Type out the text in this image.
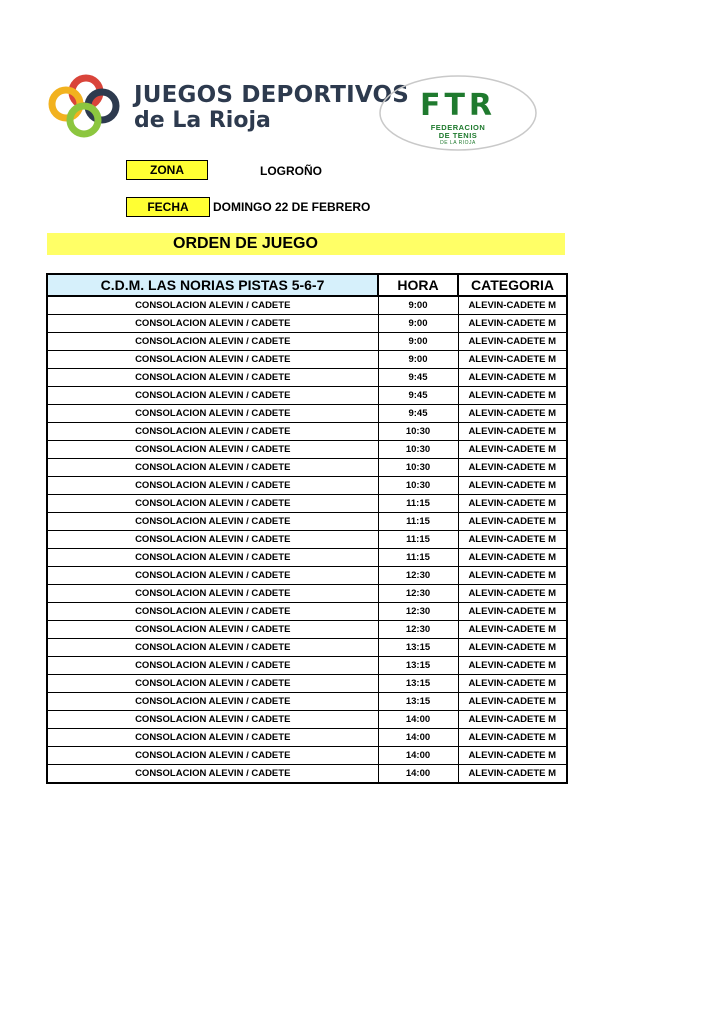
JUEGOS DEPORTIVOS
de La Rioja	FTR
FEDERACION
DE TENIS
DE LA RIOJA
ZONA	LOGROÑO
FECHA	DOMINGO 22 DE FEBRERO
ORDEN DE JUEGO
C.D.M. LAS NORIAS PISTAS 5-6-7	HORA	CATEGORIA
CONSOLACION ALEVIN / CADETE	9:00	ALEVIN-CADETE M
CONSOLACION ALEVIN / CADETE	9:00	ALEVIN-CADETE M
CONSOLACION ALEVIN / CADETE	9:00	ALEVIN-CADETE M
CONSOLACION ALEVIN / CADETE	9:00	ALEVIN-CADETE M
CONSOLACION ALEVIN / CADETE	9:45	ALEVIN-CADETE M
CONSOLACION ALEVIN / CADETE	9:45	ALEVIN-CADETE M
CONSOLACION ALEVIN / CADETE	9:45	ALEVIN-CADETE M
CONSOLACION ALEVIN / CADETE	10:30	ALEVIN-CADETE M
CONSOLACION ALEVIN / CADETE	10:30	ALEVIN-CADETE M
CONSOLACION ALEVIN / CADETE	10:30	ALEVIN-CADETE M
CONSOLACION ALEVIN / CADETE	10:30	ALEVIN-CADETE M
CONSOLACION ALEVIN / CADETE	11:15	ALEVIN-CADETE M
CONSOLACION ALEVIN / CADETE	11:15	ALEVIN-CADETE M
CONSOLACION ALEVIN / CADETE	11:15	ALEVIN-CADETE M
CONSOLACION ALEVIN / CADETE	11:15	ALEVIN-CADETE M
CONSOLACION ALEVIN / CADETE	12:30	ALEVIN-CADETE M
CONSOLACION ALEVIN / CADETE	12:30	ALEVIN-CADETE M
CONSOLACION ALEVIN / CADETE	12:30	ALEVIN-CADETE M
CONSOLACION ALEVIN / CADETE	12:30	ALEVIN-CADETE M
CONSOLACION ALEVIN / CADETE	13:15	ALEVIN-CADETE M
CONSOLACION ALEVIN / CADETE	13:15	ALEVIN-CADETE M
CONSOLACION ALEVIN / CADETE	13:15	ALEVIN-CADETE M
CONSOLACION ALEVIN / CADETE	13:15	ALEVIN-CADETE M
CONSOLACION ALEVIN / CADETE	14:00	ALEVIN-CADETE M
CONSOLACION ALEVIN / CADETE	14:00	ALEVIN-CADETE M
CONSOLACION ALEVIN / CADETE	14:00	ALEVIN-CADETE M
CONSOLACION ALEVIN / CADETE	14:00	ALEVIN-CADETE M
